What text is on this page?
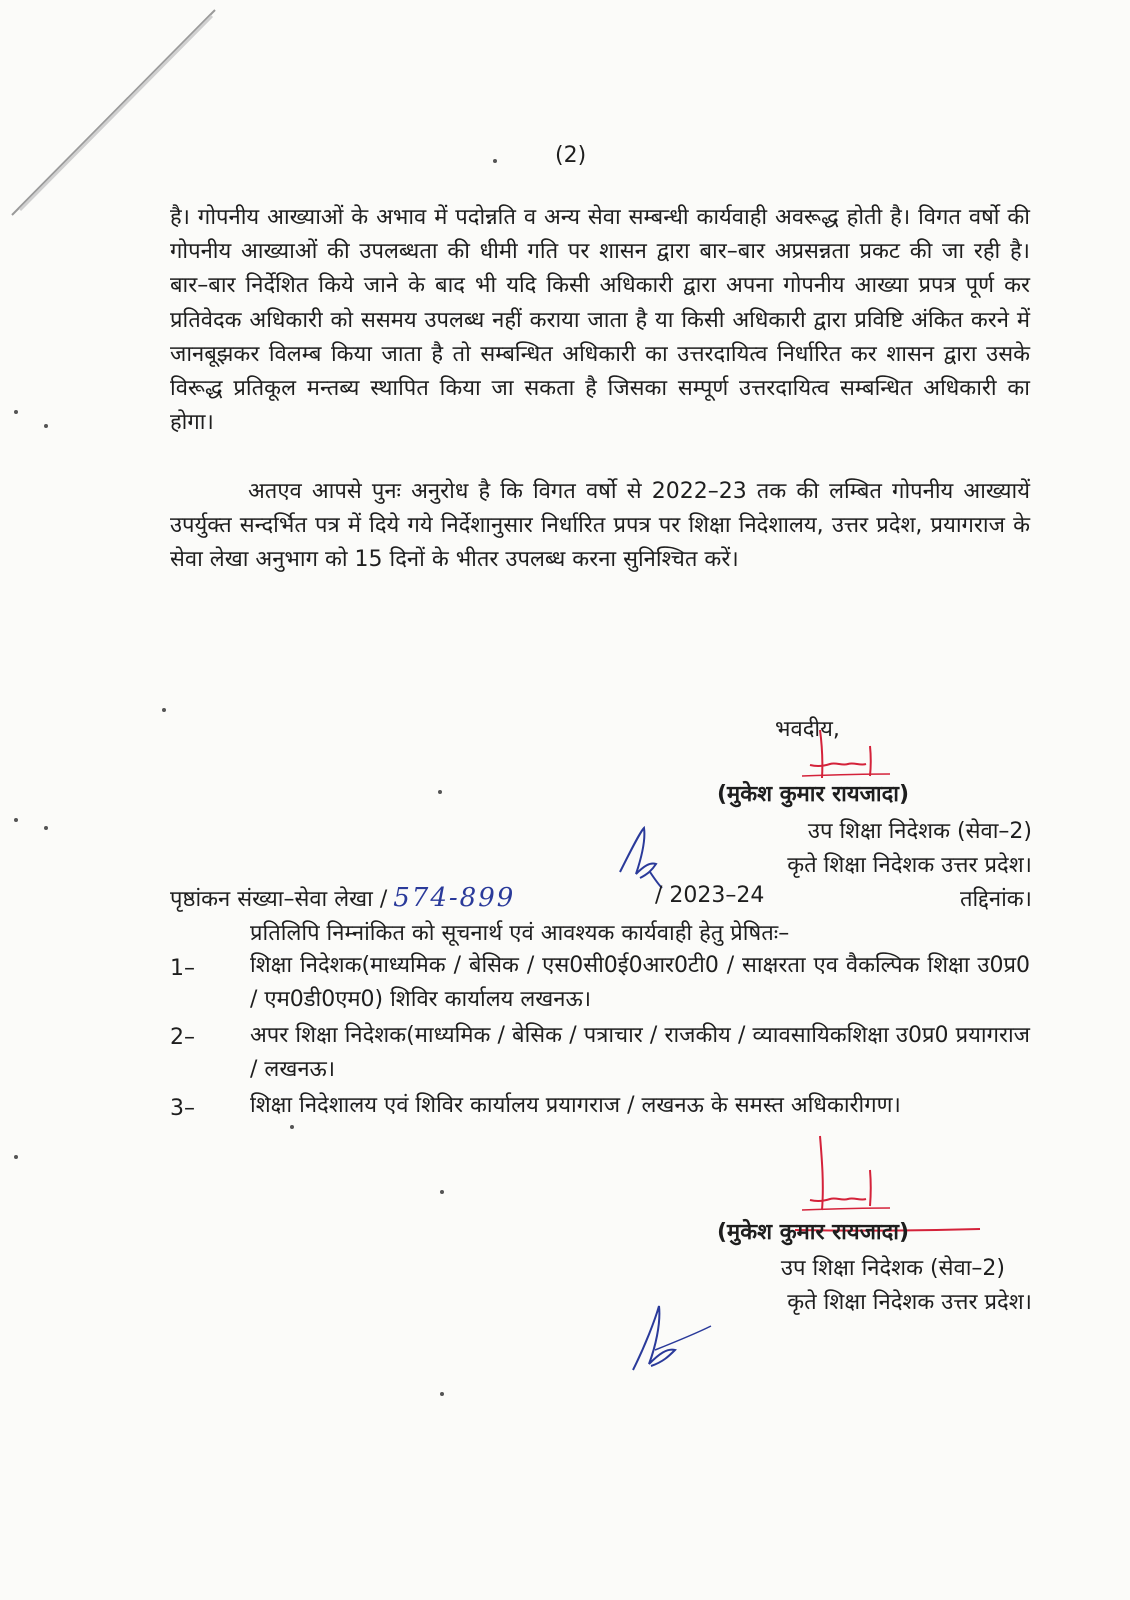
(2)
है। गोपनीय आख्याओं के अभाव में पदोन्नति व अन्य सेवा सम्बन्धी कार्यवाही अवरूद्ध होती है। विगत वर्षो की गोपनीय आख्याओं की उपलब्धता की धीमी गति पर शासन द्वारा बार–बार अप्रसन्नता प्रकट की जा रही है। बार–बार निर्देशित किये जाने के बाद भी यदि किसी अधिकारी द्वारा अपना गोपनीय आख्या प्रपत्र पूर्ण कर प्रतिवेदक अधिकारी को ससमय उपलब्ध नहीं कराया जाता है या किसी अधिकारी द्वारा प्रविष्टि अंकित करने में जानबूझकर विलम्ब किया जाता है तो सम्बन्धित अधिकारी का उत्तरदायित्व निर्धारित कर शासन द्वारा उसके विरूद्ध प्रतिकूल मन्तब्य स्थापित किया जा सकता है जिसका सम्पूर्ण उत्तरदायित्व सम्बन्धित अधिकारी का होगा।
अतएव आपसे पुनः अनुरोध है कि विगत वर्षो से 2022–23 तक की लम्बित गोपनीय आख्यायें उपर्युक्त सन्दर्भित पत्र में दिये गये निर्देशानुसार निर्धारित प्रपत्र पर शिक्षा निदेशालय, उत्तर प्रदेश, प्रयागराज के सेवा लेखा अनुभाग को 15 दिनों के भीतर उपलब्ध करना सुनिश्चित करें।
भवदीय,
(मुकेश कुमार रायजादा)
उप शिक्षा निदेशक (सेवा–2)
कृते शिक्षा निदेशक उत्तर प्रदेश।
पृष्ठांकन संख्या–सेवा लेखा / 574-899	/ 2023–24	तद्दिनांक।
प्रतिलिपि निम्नांकित को सूचनार्थ एवं आवश्यक कार्यवाही हेतु प्रेषितः–
1–	शिक्षा निदेशक(माध्यमिक / बेसिक / एस0सी0ई0आर0टी0 / साक्षरता एव वैकल्पिक शिक्षा उ0प्र0 / एम0डी0एम0) शिविर कार्यालय लखनऊ।
2–	अपर शिक्षा निदेशक(माध्यमिक / बेसिक / पत्राचार / राजकीय / व्यावसायिकशिक्षा उ0प्र0 प्रयागराज / लखनऊ।
3–	शिक्षा निदेशालय एवं शिविर कार्यालय प्रयागराज / लखनऊ के समस्त अधिकारीगण।
(मुकेश कुमार रायजादा)
उप शिक्षा निदेशक (सेवा–2)
कृते शिक्षा निदेशक उत्तर प्रदेश।
